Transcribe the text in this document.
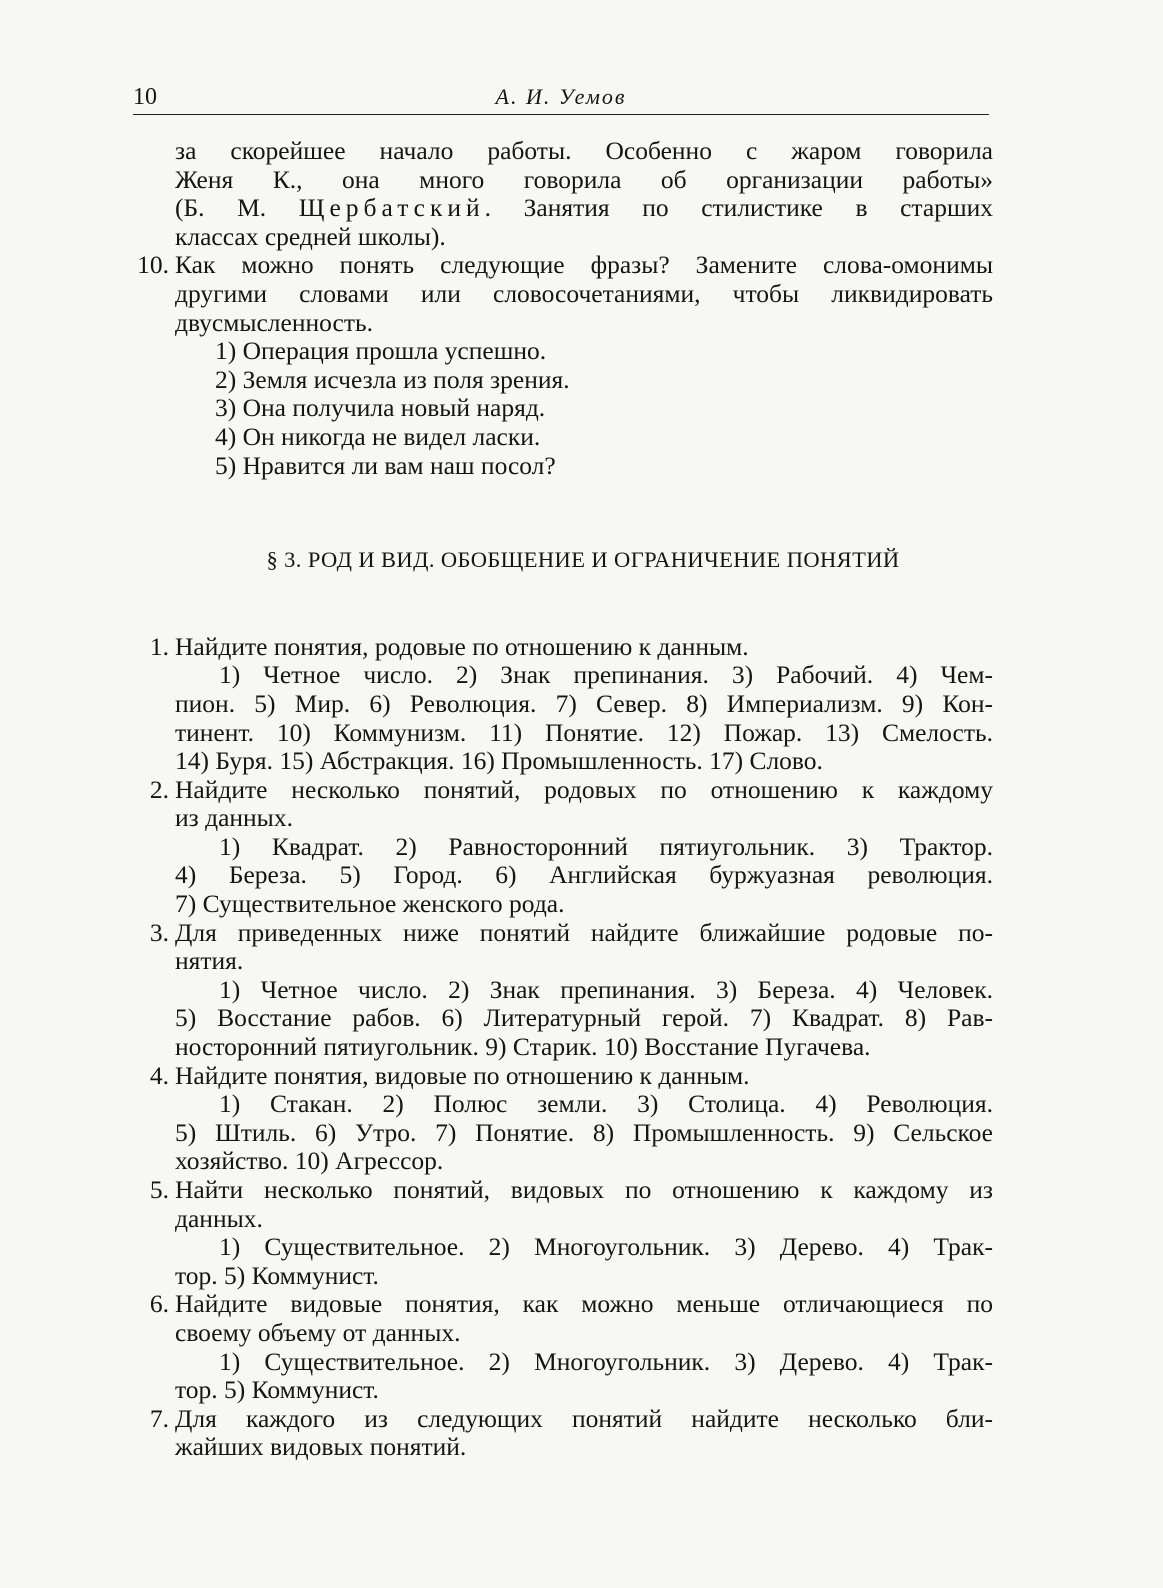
10	А. И. Уемов
за скорейшее начало работы. Особенно с жаром говорила
Женя К., она много говорила об организации работы»
(Б. М. Щербатский. Занятия по стилистике в старших
классах средней школы).
10. Как можно понять следующие фразы? Замените слова-омонимы
другими словами или словосочетаниями, чтобы ликвидировать
двусмысленность.
1) Операция прошла успешно.
2) Земля исчезла из поля зрения.
3) Она получила новый наряд.
4) Он никогда не видел ласки.
5) Нравится ли вам наш посол?
§ 3. РОД И ВИД. ОБОБЩЕНИЕ И ОГРАНИЧЕНИЕ ПОНЯТИЙ
1. Найдите понятия, родовые по отношению к данным.
1) Четное число. 2) Знак препинания. 3) Рабочий. 4) Чем-
пион. 5) Мир. 6) Революция. 7) Север. 8) Империализм. 9) Кон-
тинент. 10) Коммунизм. 11) Понятие. 12) Пожар. 13) Смелость.
14) Буря. 15) Абстракция. 16) Промышленность. 17) Слово.
2. Найдите несколько понятий, родовых по отношению к каждому
из данных.
1) Квадрат. 2) Равносторонний пятиугольник. 3) Трактор.
4) Береза. 5) Город. 6) Английская буржуазная революция.
7) Существительное женского рода.
3. Для приведенных ниже понятий найдите ближайшие родовые по-
нятия.
1) Четное число. 2) Знак препинания. 3) Береза. 4) Человек.
5) Восстание рабов. 6) Литературный герой. 7) Квадрат. 8) Рав-
носторонний пятиугольник. 9) Старик. 10) Восстание Пугачева.
4. Найдите понятия, видовые по отношению к данным.
1) Стакан. 2) Полюс земли. 3) Столица. 4) Революция.
5) Штиль. 6) Утро. 7) Понятие. 8) Промышленность. 9) Сельское
хозяйство. 10) Агрессор.
5. Найти несколько понятий, видовых по отношению к каждому из
данных.
1) Существительное. 2) Многоугольник. 3) Дерево. 4) Трак-
тор. 5) Коммунист.
6. Найдите видовые понятия, как можно меньше отличающиеся по
своему объему от данных.
1) Существительное. 2) Многоугольник. 3) Дерево. 4) Трак-
тор. 5) Коммунист.
7. Для каждого из следующих понятий найдите несколько бли-
жайших видовых понятий.
